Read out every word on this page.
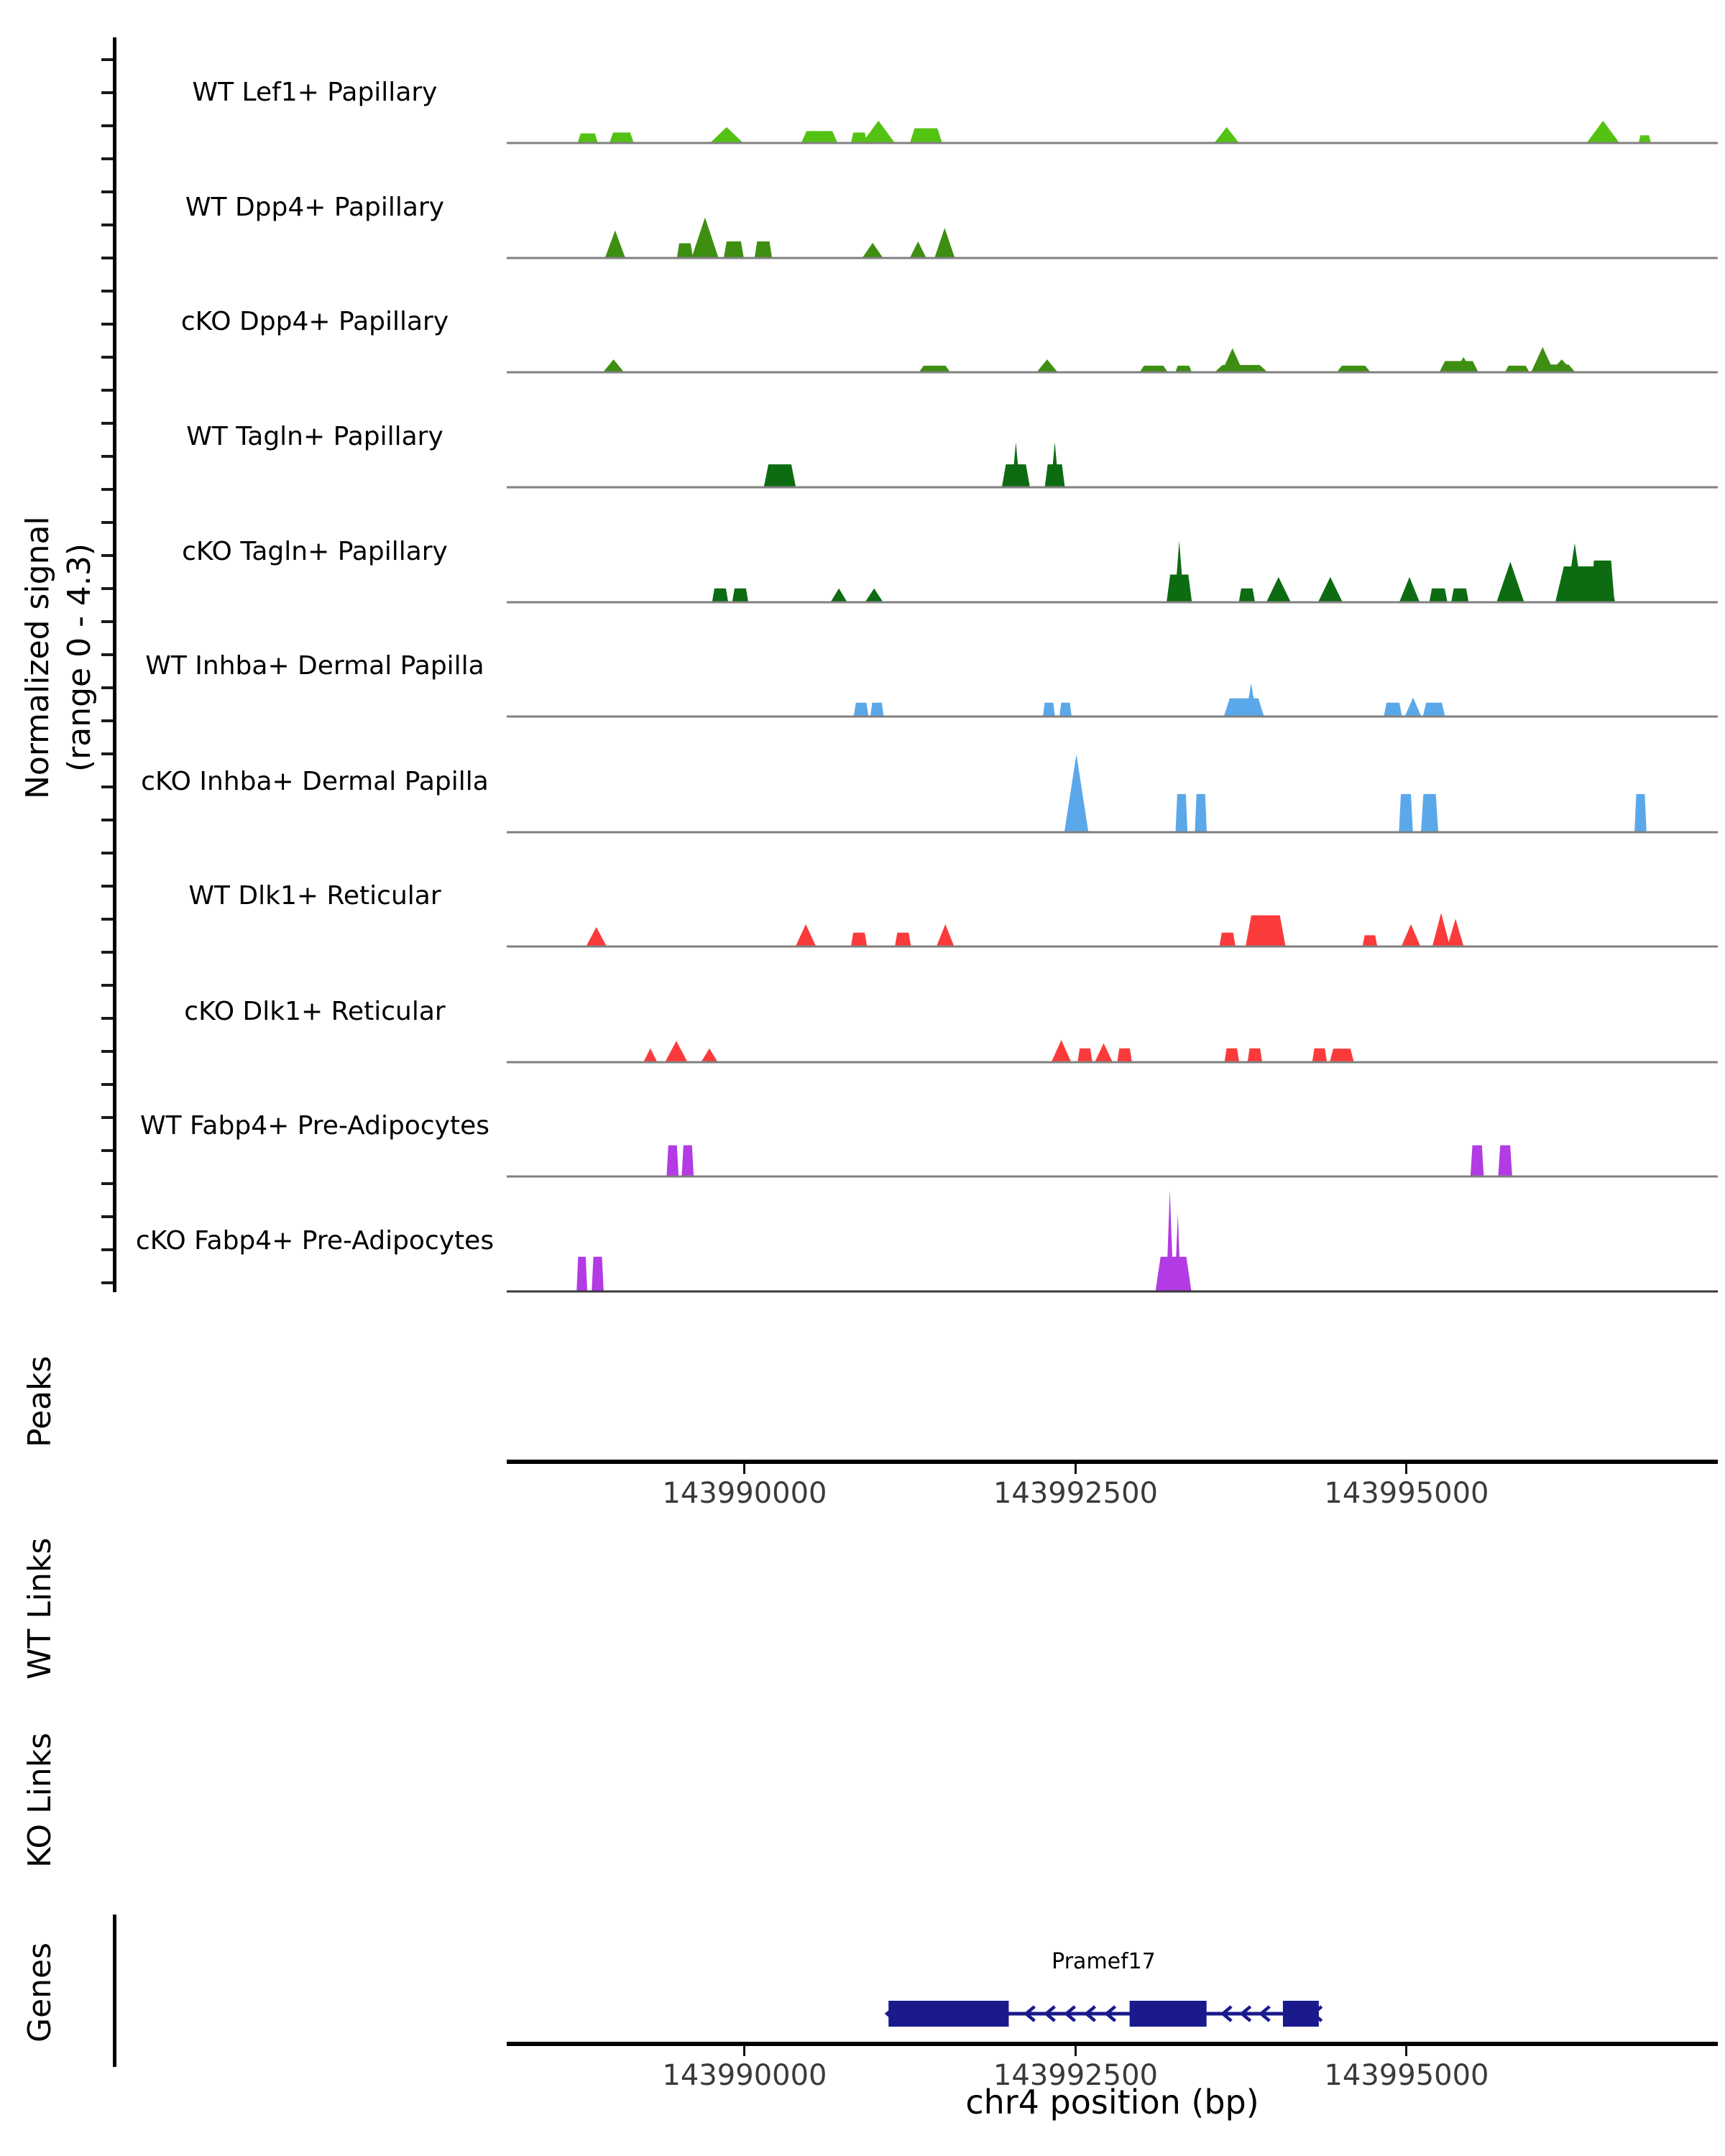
Normalized signal (range 0 - 4.3)
Peaks
WT Links
KO Links
Genes
WT Lef1+ Papillary
WT Dpp4+ Papillary
cKO Dpp4+ Papillary
WT Tagln+ Papillary
cKO Tagln+ Papillary
WT Inhba+ Dermal Papilla
cKO Inhba+ Dermal Papilla
WT Dlk1+ Reticular
cKO Dlk1+ Reticular
WT Fabp4+ Pre-Adipocytes
cKO Fabp4+ Pre-Adipocytes
143990000	143992500	143995000
Pramef17
143990000	143992500	143995000
chr4 position (bp)
